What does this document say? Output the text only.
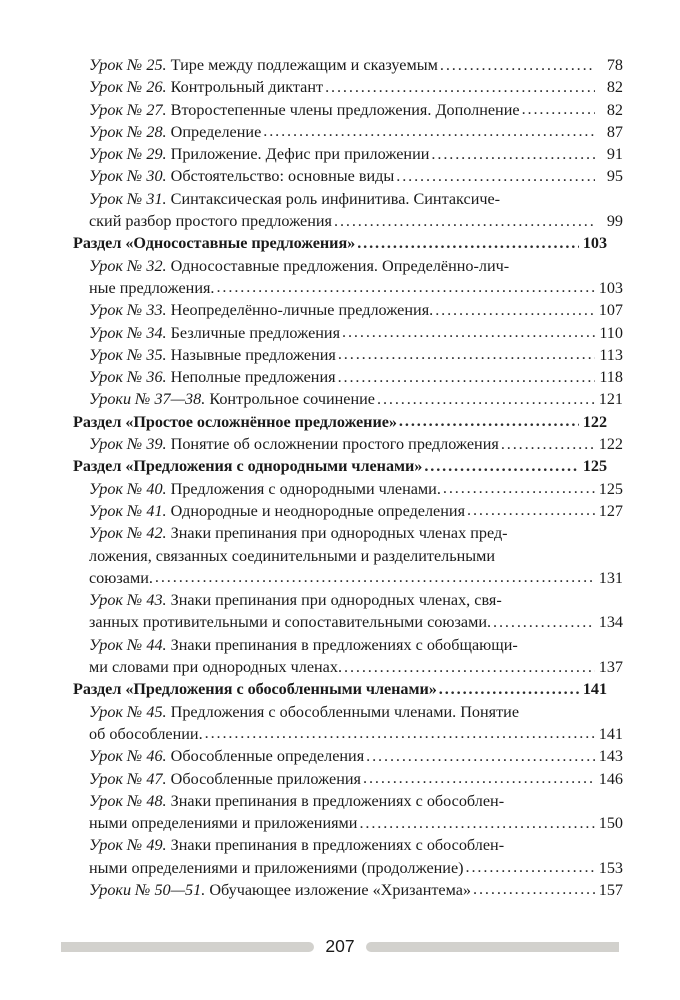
Урок № 25. Тире между подлежащим и сказуемым .....	78
Урок № 26. Контрольный диктант .....	82
Урок № 27. Второстепенные члены предложения. Дополнение .....	82
Урок № 28. Определение .....	87
Урок № 29. Приложение. Дефис при приложении .....	91
Урок № 30. Обстоятельство: основные виды .....	95
Урок № 31. Синтаксическая роль инфинитива. Синтаксиче-
ский разбор простого предложения .....	99
Раздел «Односоставные предложения» .....	103
Урок № 32. Односоставные предложения. Определённо-лич-
ные предложения. .....	103
Урок № 33. Неопределённо-личные предложения. .....	107
Урок № 34. Безличные предложения .....	110
Урок № 35. Назывные предложения .....	113
Урок № 36. Неполные предложения .....	118
Уроки № 37—38. Контрольное сочинение .....	121
Раздел «Простое осложнённое предложение» .....	122
Урок № 39. Понятие об осложнении простого предложения .....	122
Раздел «Предложения с однородными членами» .....	125
Урок № 40. Предложения с однородными членами. .....	125
Урок № 41. Однородные и неоднородные определения .....	127
Урок № 42. Знаки препинания при однородных членах пред-
ложения, связанных соединительными и разделительными
союзами. .....	131
Урок № 43. Знаки препинания при однородных членах, свя-
занных противительными и сопоставительными союзами. .....	134
Урок № 44. Знаки препинания в предложениях с обобщающи-
ми словами при однородных членах. .....	137
Раздел «Предложения с обособленными членами» .....	141
Урок № 45. Предложения с обособленными членами. Понятие
об обособлении. .....	141
Урок № 46. Обособленные определения .....	143
Урок № 47. Обособленные приложения .....	146
Урок № 48. Знаки препинания в предложениях с обособлен-
ными определениями и приложениями .....	150
Урок № 49. Знаки препинания в предложениях с обособлен-
ными определениями и приложениями (продолжение) .....	153
Уроки № 50—51. Обучающее изложение «Хризантема» .....	157
207
